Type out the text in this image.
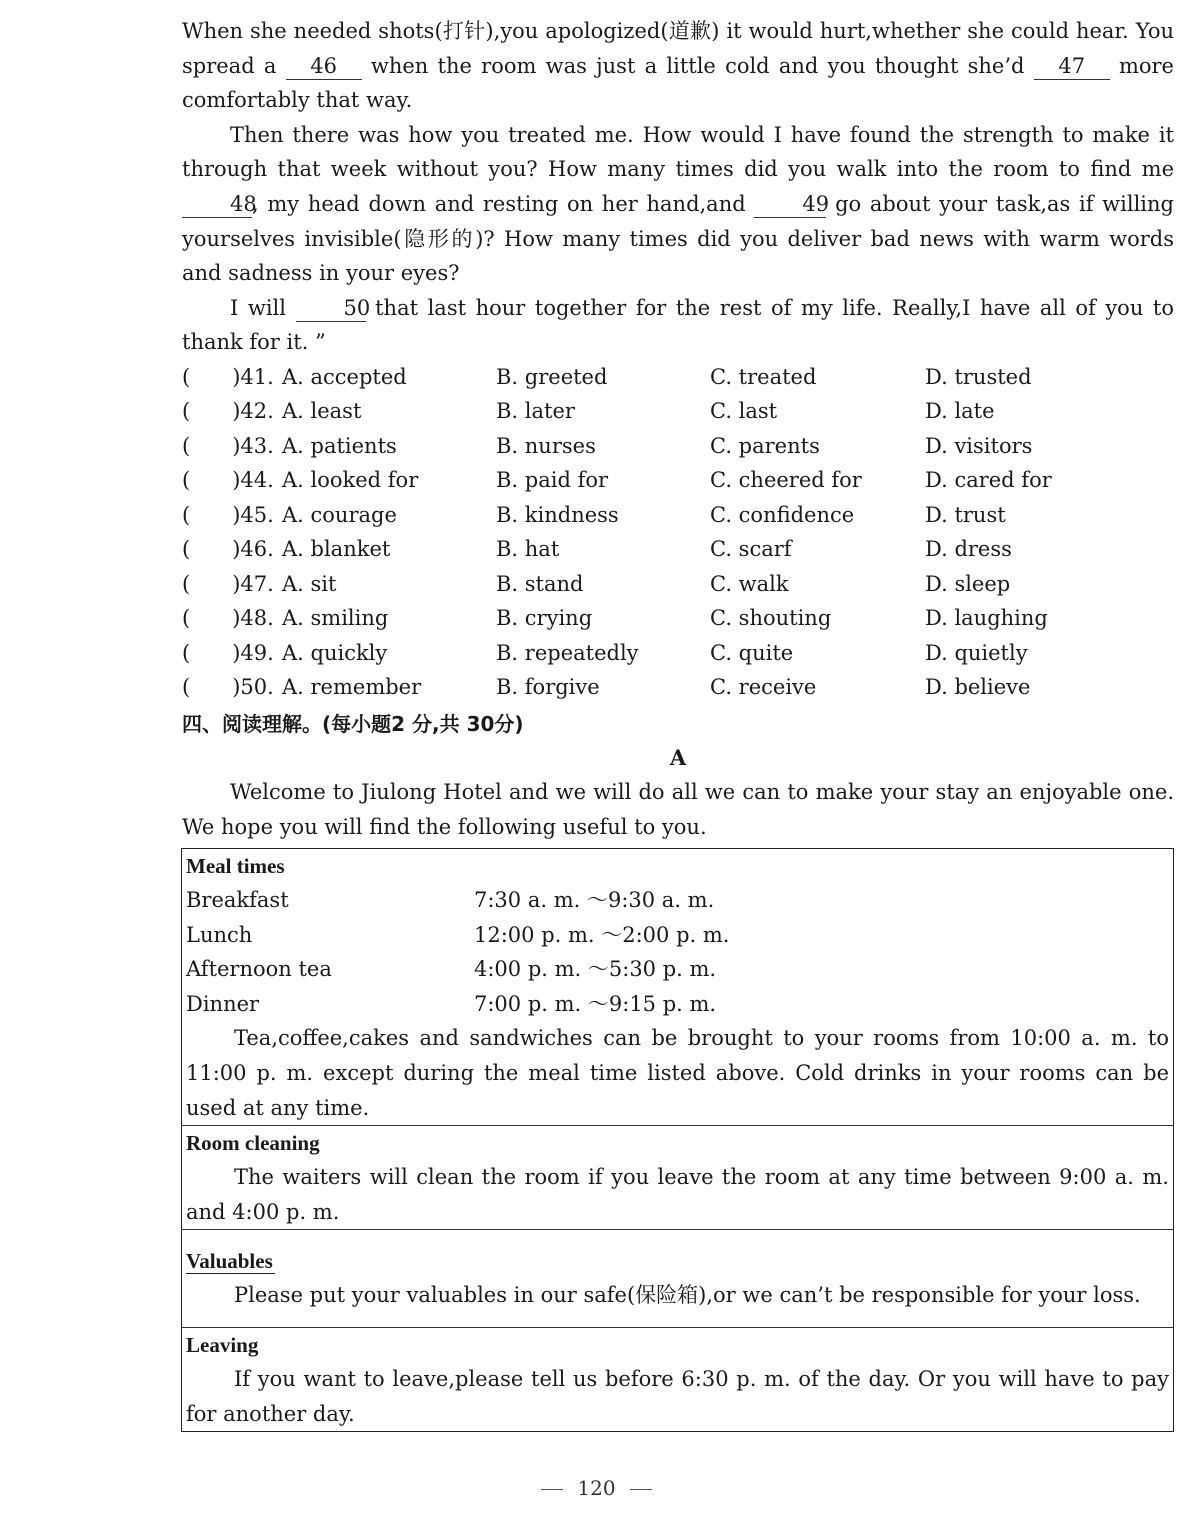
When she needed shots(打针),you apologized(道歉) it would hurt,whether she could hear. You spread a 46 when the room was just a little cold and you thought she’d 47 more comfortably that way.

Then there was how you treated me. How would I have found the strength to make it through that week without you? How many times did you walk into the room to find me 48, my head down and resting on her hand,and	49 go about your task,as if willing yourselves invisible(隐形的)? How many times did you deliver bad news with warm words and sadness in your eyes?

I will	50 that last hour together for the rest of my life. Really,I have all of you to thank for it. ”

(　　)41. A. accepted	B. greeted	C. treated	D. trusted
(　　)42. A. least	B. later	C. last	D. late
(　　)43. A. patients	B. nurses	C. parents	D. visitors
(　　)44. A. looked for	B. paid for	C. cheered for	D. cared for
(　　)45. A. courage	B. kindness	C. confidence	D. trust
(　　)46. A. blanket	B. hat	C. scarf	D. dress
(　　)47. A. sit	B. stand	C. walk	D. sleep
(　　)48. A. smiling	B. crying	C. shouting	D. laughing
(　　)49. A. quickly	B. repeatedly	C. quite	D. quietly
(　　)50. A. remember	B. forgive	C. receive	D. believe
四、阅读理解。(每小题2 分,共 30分)
A

Welcome to Jiulong Hotel and we will do all we can to make your stay an enjoyable one. We hope you will find the following useful to you.

Meal times
Breakfast	7:30 a. m. ～9:30 a. m.
Lunch	12:00 p. m. ～2:00 p. m.
Afternoon tea	4:00 p. m. ～5:30 p. m.
Dinner	7:00 p. m. ～9:15 p. m.

Tea,coffee,cakes and sandwiches can be brought to your rooms from 10:00 a. m. to 11:00 p. m. except during the meal time listed above. Cold drinks in your rooms can be used at any time.

Room cleaning

The waiters will clean the room if you leave the room at any time between 9:00 a. m. and 4:00 p. m.

Valuables

Please put your valuables in our safe(保险箱),or we can’t be responsible for your loss.

Leaving

If you want to leave,please tell us before 6:30 p. m. of the day. Or you will have to pay for another day.

120
